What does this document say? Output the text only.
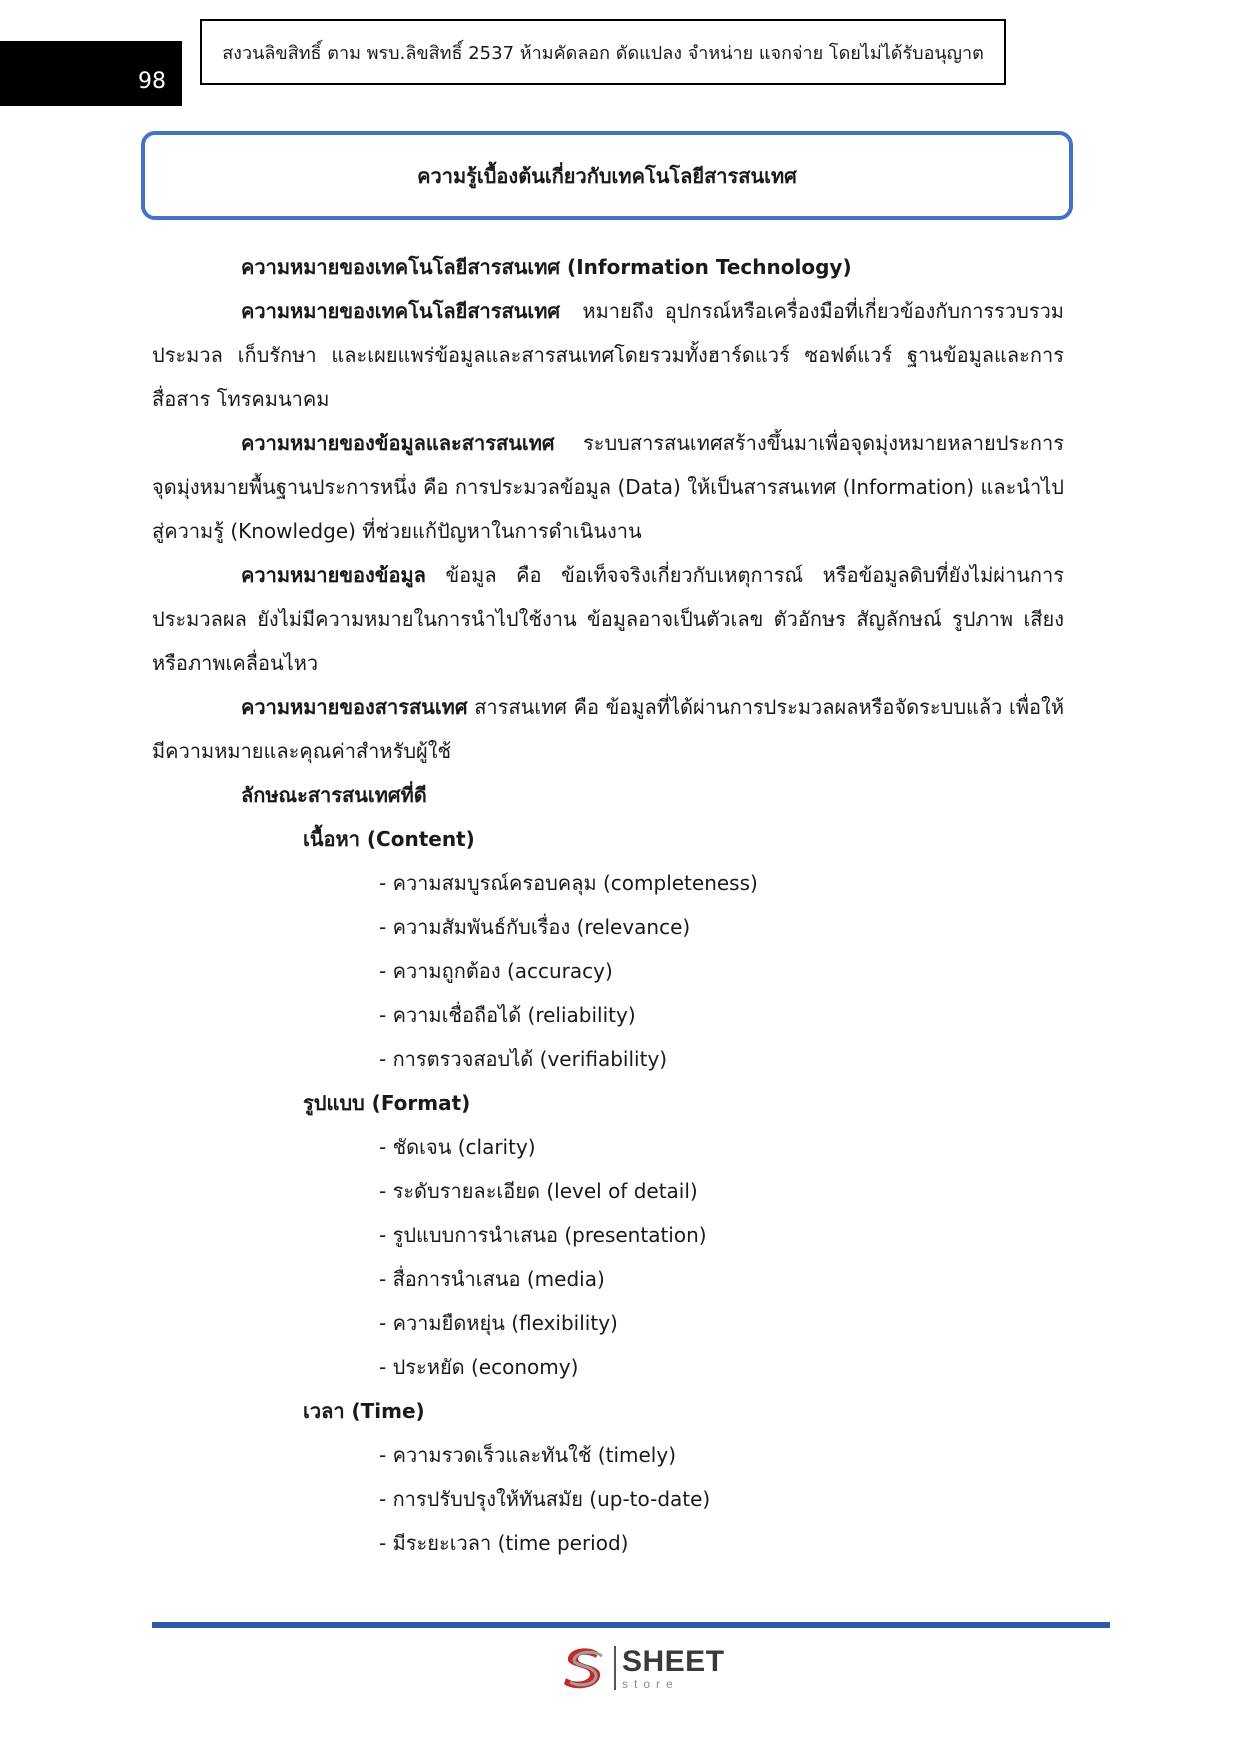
98
สงวนลิขสิทธิ์ ตาม พรบ.ลิขสิทธิ์ 2537 ห้ามคัดลอก ดัดแปลง จำหน่าย แจกจ่าย โดยไม่ได้รับอนุญาต
ความรู้เบื้องต้นเกี่ยวกับเทคโนโลยีสารสนเทศ

ความหมายของเทคโนโลยีสารสนเทศ (Information Technology)

ความหมายของเทคโนโลยีสารสนเทศ หมายถึง อุปกรณ์หรือเครื่องมือที่เกี่ยวข้องกับการรวบรวมประมวล เก็บรักษา และเผยแพร่ข้อมูลและสารสนเทศโดยรวมทั้งฮาร์ดแวร์ ซอฟต์แวร์ ฐานข้อมูลและการสื่อสาร โทรคมนาคม

ความหมายของข้อมูลและสารสนเทศ ระบบสารสนเทศสร้างขึ้นมาเพื่อจุดมุ่งหมายหลายประการจุดมุ่งหมายพื้นฐานประการหนึ่ง คือ การประมวลข้อมูล (Data) ให้เป็นสารสนเทศ (Information) และนำไปสู่ความรู้ (Knowledge) ที่ช่วยแก้ปัญหาในการดำเนินงาน

ความหมายของข้อมูล ข้อมูล คือ ข้อเท็จจริงเกี่ยวกับเหตุการณ์ หรือข้อมูลดิบที่ยังไม่ผ่านการประมวลผล ยังไม่มีความหมายในการนำไปใช้งาน ข้อมูลอาจเป็นตัวเลข ตัวอักษร สัญลักษณ์ รูปภาพ เสียง หรือภาพเคลื่อนไหว

ความหมายของสารสนเทศ สารสนเทศ คือ ข้อมูลที่ได้ผ่านการประมวลผลหรือจัดระบบแล้ว เพื่อให้มีความหมายและคุณค่าสำหรับผู้ใช้

ลักษณะสารสนเทศที่ดี

เนื้อหา (Content)

- ความสมบูรณ์ครอบคลุม (completeness)
- ความสัมพันธ์กับเรื่อง (relevance)
- ความถูกต้อง (accuracy)
- ความเชื่อถือได้ (reliability)
- การตรวจสอบได้ (verifiability)

รูปแบบ (Format)

- ชัดเจน (clarity)
- ระดับรายละเอียด (level of detail)
- รูปแบบการนำเสนอ (presentation)
- สื่อการนำเสนอ (media)
- ความยืดหยุ่น (flexibility)
- ประหยัด (economy)

เวลา (Time)

- ความรวดเร็วและทันใช้ (timely)
- การปรับปรุงให้ทันสมัย (up-to-date)
- มีระยะเวลา (time period)
SHEET
store
